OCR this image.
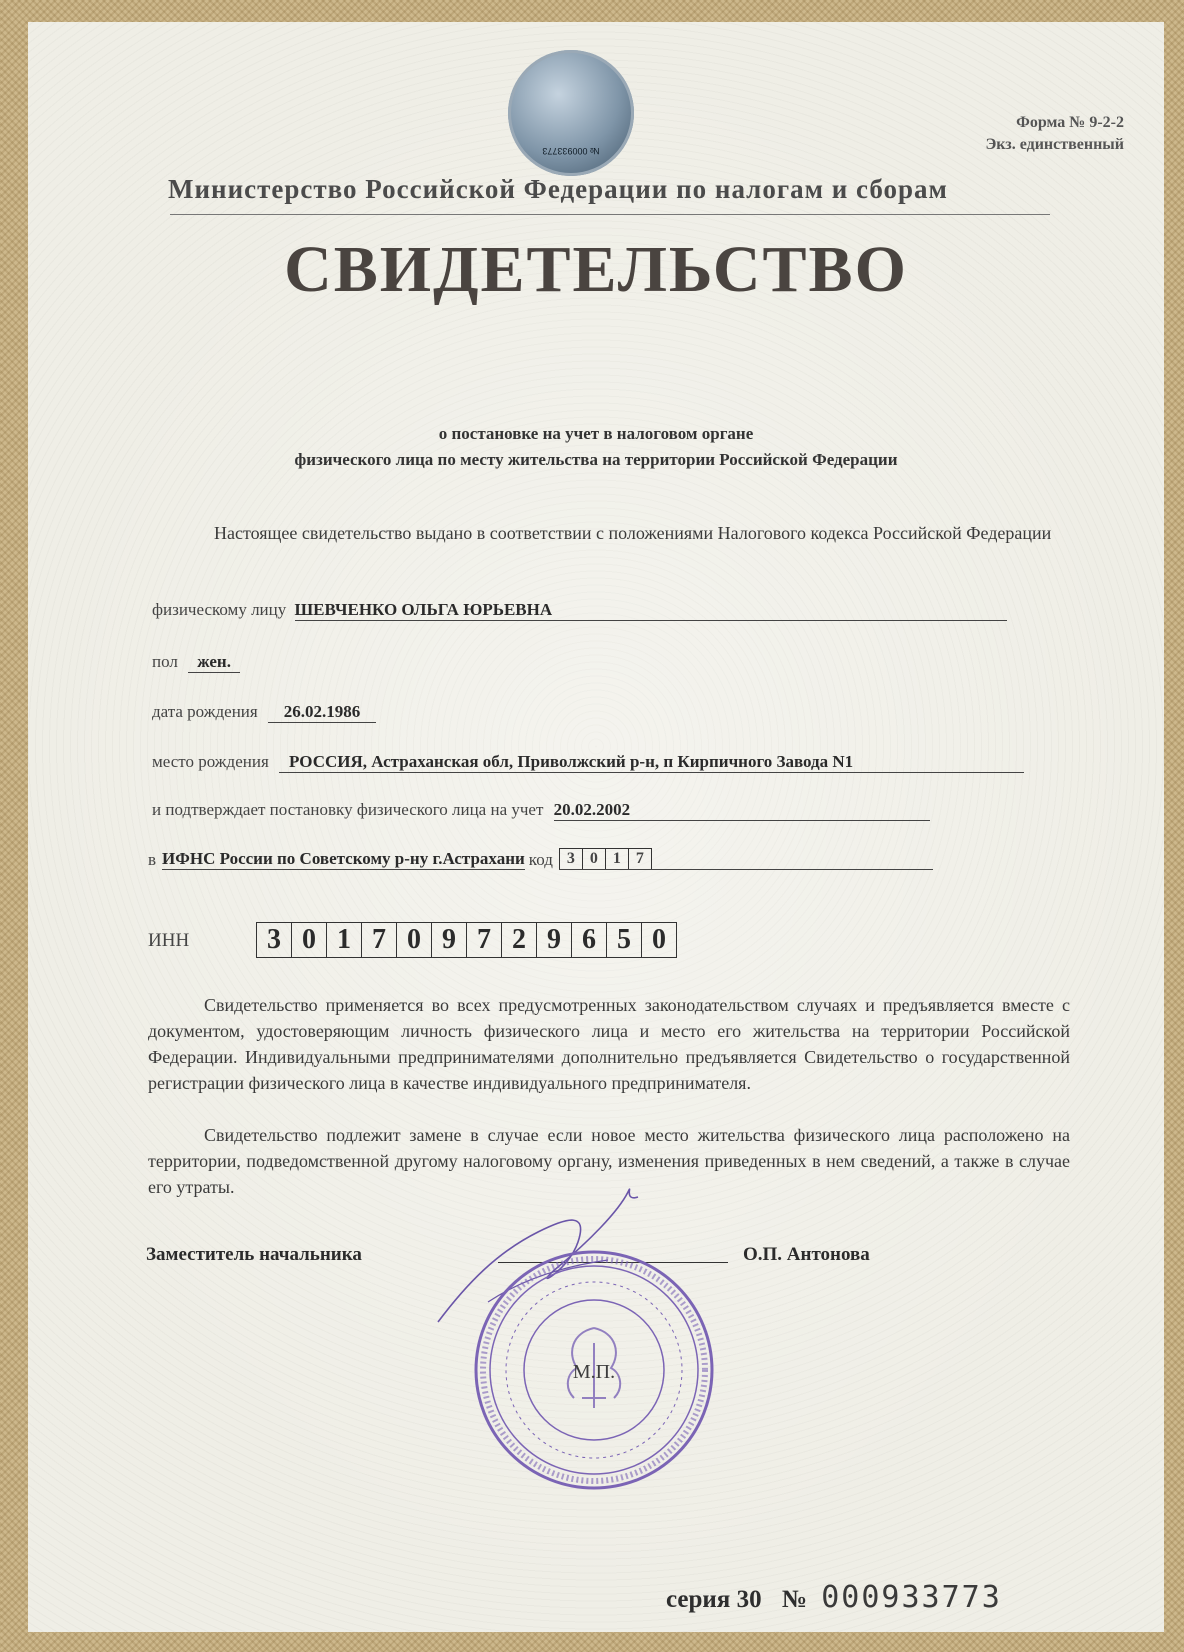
№ 000933773
Форма № 9-2-2
Экз. единственный
Министерство Российской Федерации по налогам и сборам
СВИДЕТЕЛЬСТВО
о постановке на учет в налоговом органе
физического лица по месту жительства на территории Российской Федерации
Настоящее свидетельство выдано в соответствии с положениями Налогового кодекса Российской Федерации
физическому лицу ШЕВЧЕНКО ОЛЬГА ЮРЬЕВНА
пол жен.
дата рождения 26.02.1986
место рождения РОССИЯ, Астраханская обл, Приволжский р-н, п Кирпичного Завода N1
и подтверждает постановку физического лица на учет 20.02.2002
в ИФНС России по Советскому р-ну г.Астрахани код 3 0 1 7
ИНН	3 0 1 7 0 9 7 2 9 6 5 0
Свидетельство применяется во всех предусмотренных законодательством случаях и предъявляется вместе с документом, удостоверяющим личность физического лица и место его жительства на территории Российской Федерации. Индивидуальными предпринимателями дополнительно предъявляется Свидетельство о государственной регистрации физического лица в качестве индивидуального предпринимателя.
Свидетельство подлежит замене в случае если новое место жительства физического лица расположено на территории, подведомственной другому налоговому органу, изменения приведенных в нем сведений, а также в случае его утраты.
Заместитель начальника	О.П. Антонова
М.П.
серия 30 № 000933773
